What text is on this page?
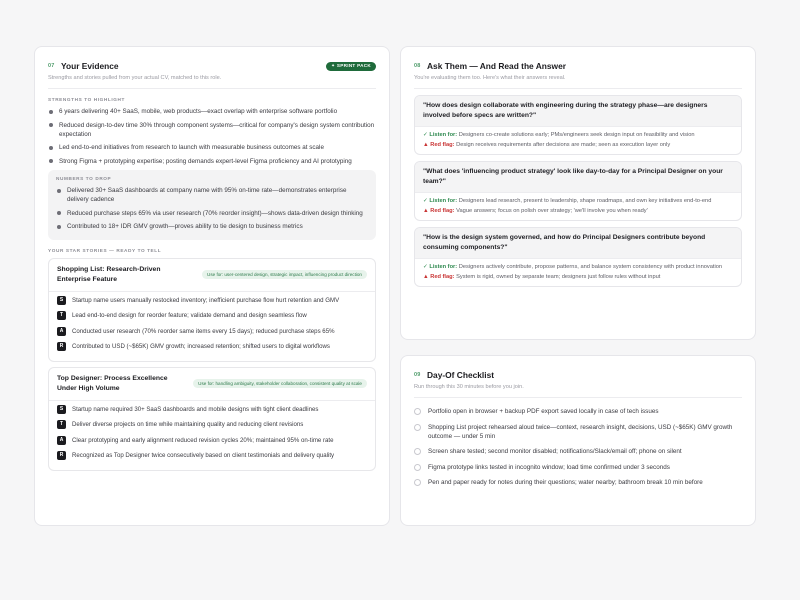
07 Your Evidence	✦ SPRINT PACK
Strengths and stories pulled from your actual CV, matched to this role.
STRENGTHS TO HIGHLIGHT
6 years delivering 40+ SaaS, mobile, web products—exact overlap with enterprise software portfolio
Reduced design-to-dev time 30% through component systems—critical for company's design system contribution expectation
Led end-to-end initiatives from research to launch with measurable business outcomes at scale
Strong Figma + prototyping expertise; posting demands expert-level Figma proficiency and AI prototyping
NUMBERS TO DROP
Delivered 30+ SaaS dashboards at company name with 95% on-time rate—demonstrates enterprise delivery cadence
Reduced purchase steps 65% via user research (70% reorder insight)—shows data-driven design thinking
Contributed to 18+ IDR GMV growth—proves ability to tie design to business metrics
YOUR STAR STORIES — READY TO TELL
Shopping List: Research-Driven Enterprise Feature
Use for: user-centered design, strategic impact, influencing product direction
S	Startup name users manually restocked inventory; inefficient purchase flow hurt retention and GMV
T	Lead end-to-end design for reorder feature; validate demand and design seamless flow
A	Conducted user research (70% reorder same items every 15 days); reduced purchase steps 65%
R	Contributed to USD (~$65K) GMV growth; increased retention; shifted users to digital workflows
Top Designer: Process Excellence Under High Volume
Use for: handling ambiguity, stakeholder collaboration, consistent quality at scale
S	Startup name required 30+ SaaS dashboards and mobile designs with tight client deadlines
T	Deliver diverse projects on time while maintaining quality and reducing client revisions
A	Clear prototyping and early alignment reduced revision cycles 20%; maintained 95% on-time rate
R	Recognized as Top Designer twice consecutively based on client testimonials and delivery quality
08 Ask Them — And Read the Answer
You're evaluating them too. Here's what their answers reveal.
"How does design collaborate with engineering during the strategy phase—are designers involved before specs are written?"
✓ Listen for: Designers co-create solutions early; PMs/engineers seek design input on feasibility and vision
▲ Red flag: Design receives requirements after decisions are made; seen as execution layer only
"What does 'influencing product strategy' look like day-to-day for a Principal Designer on your team?"
✓ Listen for: Designers lead research, present to leadership, shape roadmaps, and own key initiatives end-to-end
▲ Red flag: Vague answers; focus on polish over strategy; 'we'll involve you when ready'
"How is the design system governed, and how do Principal Designers contribute beyond consuming components?"
✓ Listen for: Designers actively contribute, propose patterns, and balance system consistency with product innovation
▲ Red flag: System is rigid, owned by separate team; designers just follow rules without input
09 Day-Of Checklist
Run through this 30 minutes before you join.
Portfolio open in browser + backup PDF export saved locally in case of tech issues
Shopping List project rehearsed aloud twice—context, research insight, decisions, USD (~$65K) GMV growth outcome — under 5 min
Screen share tested; second monitor disabled; notifications/Slack/email off; phone on silent
Figma prototype links tested in incognito window; load time confirmed under 3 seconds
Pen and paper ready for notes during their questions; water nearby; bathroom break 10 min before
